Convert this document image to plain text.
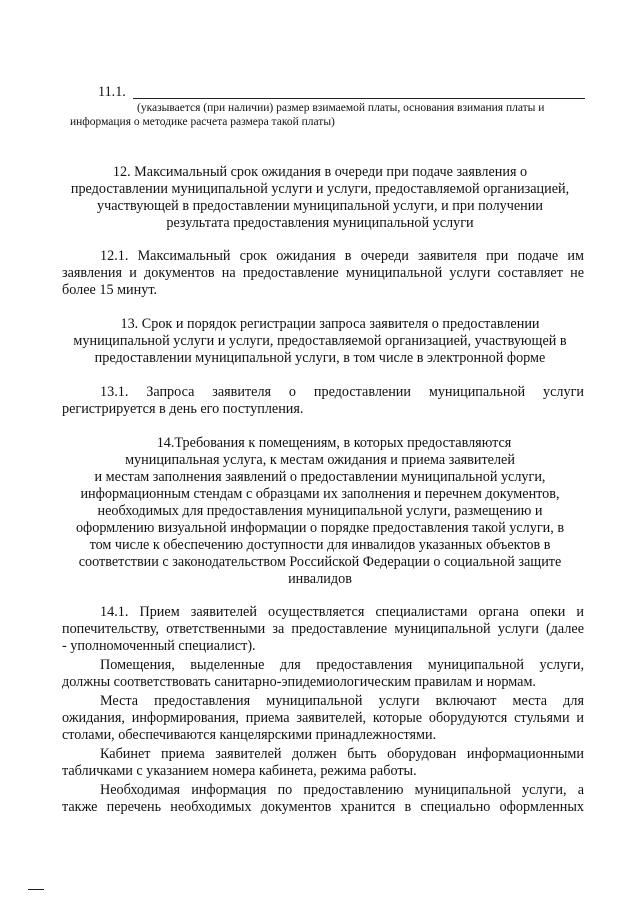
11.1.
(указывается (при наличии) размер взимаемой платы, основания взимания платы и
информация о методике расчета размера такой платы)
12. Максимальный срок ожидания в очереди при подаче заявления о
предоставлении муниципальной услуги и услуги, предоставляемой организацией,
участвующей в предоставлении муниципальной услуги, и при получении
результата предоставления муниципальной услуги
12.1. Максимальный срок ожидания в очереди заявителя при подаче им
заявления и документов на предоставление муниципальной услуги составляет не
более 15 минут.
13. Срок и порядок регистрации запроса заявителя о предоставлении
муниципальной услуги и услуги, предоставляемой организацией, участвующей в
предоставлении муниципальной услуги, в том числе в электронной форме
13.1. Запроса заявителя о предоставлении муниципальной услуги
регистрируется в день его поступления.
14.Требования к помещениям, в которых предоставляются
муниципальная услуга, к местам ожидания и приема заявителей
и местам заполнения заявлений о предоставлении муниципальной услуги,
информационным стендам с образцами их заполнения и перечнем документов,
необходимых для предоставления муниципальной услуги, размещению и
оформлению визуальной информации о порядке предоставления такой услуги, в
том числе к обеспечению доступности для инвалидов указанных объектов в
соответствии с законодательством Российской Федерации о социальной защите
инвалидов
14.1. Прием заявителей осуществляется специалистами органа опеки и
попечительству, ответственными за предоставление муниципальной услуги (далее
- уполномоченный специалист).
Помещения, выделенные для предоставления муниципальной услуги,
должны соответствовать санитарно-эпидемиологическим правилам и нормам.
Места предоставления муниципальной услуги включают места для
ожидания, информирования, приема заявителей, которые оборудуются стульями и
столами, обеспечиваются канцелярскими принадлежностями.
Кабинет приема заявителей должен быть оборудован информационными
табличками с указанием номера кабинета, режима работы.
Необходимая информация по предоставлению муниципальной услуги, а
также перечень необходимых документов хранится в специально оформленных
